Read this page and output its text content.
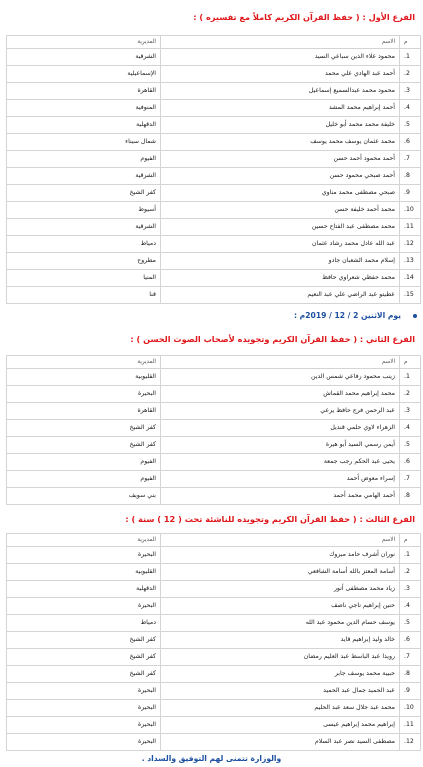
الفرع الأول : ( حفظ القرآن الكريم كاملاً مع تفسيره ) :
م	الاسم	المديرية
1.	محمود علاء الدين سباعي السيد	الشرقية
2.	أحمد عبد الهادي علي محمد	الإسماعيلية
3.	محمود محمد عبدالسميع إسماعيل	القاهرة
4.	أحمد إبراهيم محمد المشد	المنوفية
5.	خليفة محمد محمد أبو خليل	الدقهلية
6.	محمد عثمان يوسف محمد يوسف	شمال سيناء
7.	أحمد محمود أحمد حسن	الفيوم
8.	أحمد صبحي محمود حسن	الشرقية
9.	صبحي مصطفى محمد مناوي	كفر الشيخ
10.	محمد أحمد خليفة حسن	أسيوط
11.	محمد مصطفى عبد الفتاح حسين	الشرقية
12.	عبد الله عادل محمد رشاد عثمان	دمياط
13.	إسلام محمد الشعبان جادو	مطروح
14.	محمد حفظي شعراوي حافظ	المنيا
15.	عطيتو عبد الراضي علي عبد النعيم	قنا
يوم الاثنين 2 / 12 / 2019م :
الفرع الثاني : ( حفظ القرآن الكريم وتجويده لأصحاب الصوت الحسن ) :
م	الاسم	المديرية
1.	زينب محمود رفاعي شمس الدين	القليوبية
2.	محمد إبراهيم محمد القماش	البحيرة
3.	عبد الرحمن فرج حافظ يرعي	القاهرة
4.	الزهراء لاوي حلمي قنديل	كفر الشيخ
5.	أيمن رسمي السيد أبو هيرة	كفر الشيخ
6.	يحيى عبد الحكم رجب جمعة	الفيوم
7.	إسراء معوض أحمد	الفيوم
8.	أحمد الهامي محمد أحمد	بني سويف
الفرع الثالث : ( حفظ القرآن الكريم وتجويده للناشئة تحت ( 12 ) سنة ) :
م	الاسم	المديرية
1.	نوران أشرف حامد مبروك	البحيرة
2.	أسامة المعتز بالله أسامة الشافعي	القليوبية
3.	زياد محمد مصطفى أنور	الدقهلية
4.	حنين إبراهيم ناجي ناصف	البحيرة
5.	يوسف حسام الدين محمود عبد الله	دمياط
6.	خالد وليد إبراهيم قايد	كفر الشيخ
7.	رويدا عبد الباسط عبد العليم رمضان	كفر الشيخ
8.	حبيبة محمد يوسف جابر	كفر الشيخ
9.	عبد الحميد جمال عبد الحميد	البحيرة
10.	محمد عبد جلال سعد عبد الحليم	البحيرة
11.	إبراهيم محمد إبراهيم عيسى	البحيرة
12.	مصطفى السيد نصر عبد السلام	البحيرة
والوزارة تتمنى لهم التوفيق والسداد .
